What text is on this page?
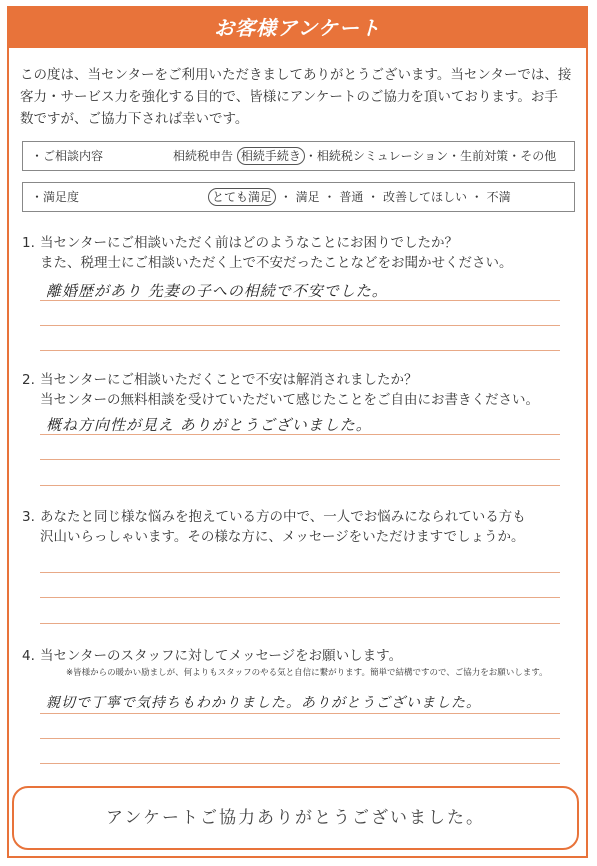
お客様アンケート
この度は、当センターをご利用いただきましてありがとうございます。当センターでは、接
客力・サービス力を強化する目的で、皆様にアンケートのご協力を頂いております。お手
数ですが、ご協力下されば幸いです。
・ご相談内容	相続税申告 相続手続き ・相続税シミュレーション・生前対策・その他
・満足度	とても満足 ・ 満足 ・ 普通 ・ 改善してほしい ・ 不満
1. 当センターにご相談いただく前はどのようなことにお困りでしたか？
また、税理士にご相談いただく上で不安だったことなどをお聞かせください。
離婚歴があり 先妻の子への相続で不安でした。
2. 当センターにご相談いただくことで不安は解消されましたか？
当センターの無料相談を受けていただいて感じたことをご自由にお書きください。
概ね方向性が見え ありがとうございました。
3. あなたと同じ様な悩みを抱えている方の中で、一人でお悩みになられている方も
沢山いらっしゃいます。その様な方に、メッセージをいただけますでしょうか。
4. 当センターのスタッフに対してメッセージをお願いします。
※皆様からの暖かい励ましが、何よりもスタッフのやる気と自信に繋がります。簡単で結構ですので、ご協力をお願いします。
親切で丁寧で気持ちもわかりました。ありがとうございました。
アンケートご協力ありがとうございました。
